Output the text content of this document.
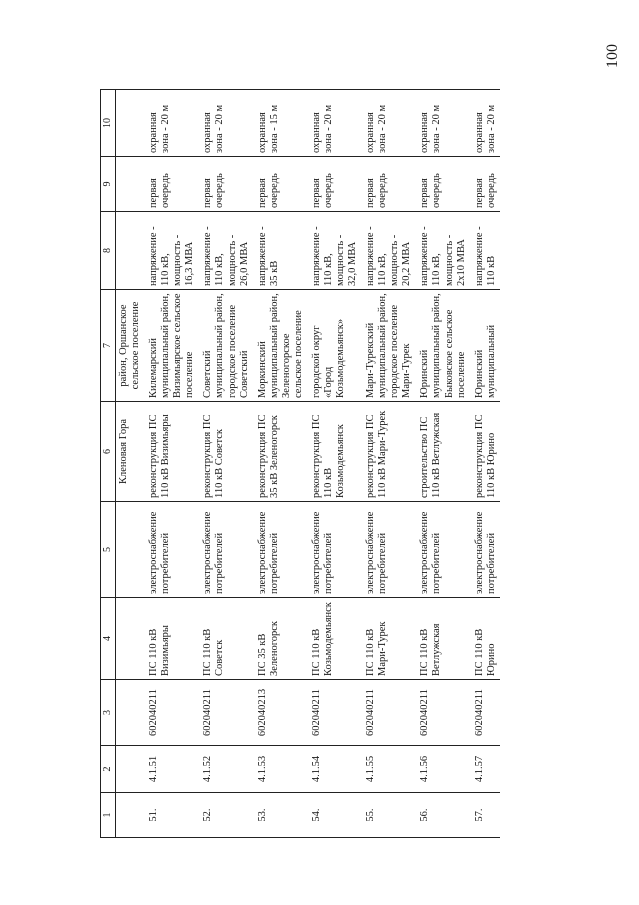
100
1	2	3	4	5	6	7	8	9	10
					Кленовая Гора	район, Оршанское сельское поселение			
51.	4.1.51	602040211	ПС 110 кВ Визимьяры	электроснабжение потребителей	реконструкция ПС 110 кВ Визимьяры	Килемарский муниципальный район, Визимьярское сельское поселение	напряжение - 110 кВ, мощность - 16,3 МВА	первая очередь	охранная зона - 20 м
52.	4.1.52	602040211	ПС 110 кВ Советск	электроснабжение потребителей	реконструкция ПС 110 кВ Советск	Советский муниципальный район, городское поселение Советский	напряжение - 110 кВ, мощность - 26,0 МВА	первая очередь	охранная зона - 20 м
53.	4.1.53	602040213	ПС 35 кВ Зеленогорск	электроснабжение потребителей	реконструкция ПС 35 кВ Зеленогорск	Моркинский муниципальный район, Зеленогорское сельское поселение	напряжение - 35 кВ	первая очередь	охранная зона - 15 м
54.	4.1.54	602040211	ПС 110 кВ Козьмодемьянск	электроснабжение потребителей	реконструкция ПС 110 кВ Козьмодемьянск	городской округ «Город Козьмодемьянск»	напряжение - 110 кВ, мощность - 32,0 МВА	первая очередь	охранная зона - 20 м
55.	4.1.55	602040211	ПС 110 кВ Мари-Турек	электроснабжение потребителей	реконструкция ПС 110 кВ Мари-Турек	Мари-Турекский муниципальный район, городское поселение Мари-Турек	напряжение - 110 кВ, мощность - 20,2 МВА	первая очередь	охранная зона - 20 м
56.	4.1.56	602040211	ПС 110 кВ Ветлужская	электроснабжение потребителей	строительство ПС 110 кВ Ветлужская	Юринский муниципальный район, Быковское сельское поселение	напряжение - 110 кВ, мощность - 2x10 МВА	первая очередь	охранная зона - 20 м
57.	4.1.57	602040211	ПС 110 кВ Юрино	электроснабжение потребителей	реконструкция ПС 110 кВ Юрино	Юринский муниципальный	напряжение - 110 кВ	первая очередь	охранная зона - 20 м
